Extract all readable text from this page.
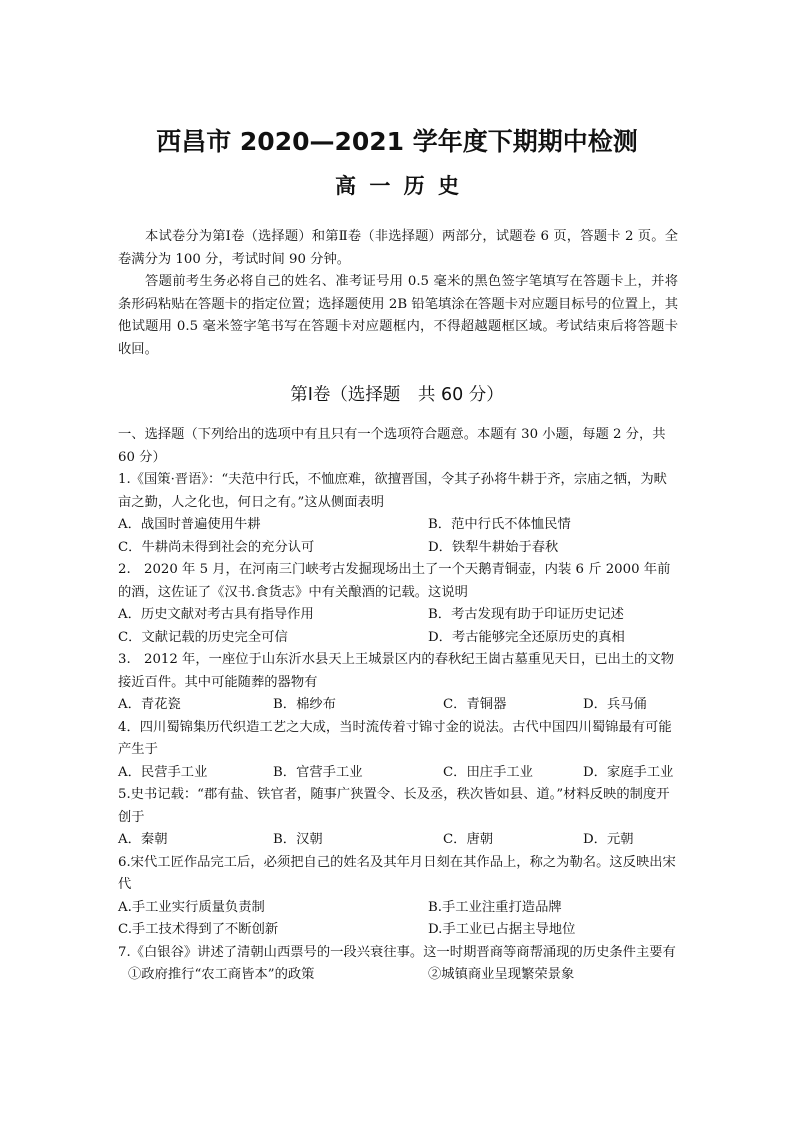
西昌市 2020—2021 学年度下期期中检测
高 一 历 史

本试卷分为第Ⅰ卷（选择题）和第Ⅱ卷（非选择题）两部分，试题卷 6 页，答题卡 2 页。全卷满分为 100 分，考试时间 90 分钟。

答题前考生务必将自己的姓名、准考证号用 0.5 毫米的黑色签字笔填写在答题卡上，并将条形码粘贴在答题卡的指定位置；选择题使用 2B 铅笔填涂在答题卡对应题目标号的位置上，其他试题用 0.5 毫米签字笔书写在答题卡对应题框内，不得超越题框区域。考试结束后将答题卡收回。

第Ⅰ卷（选择题　共 60 分）

一、选择题（下列给出的选项中有且只有一个选项符合题意。本题有 30 小题，每题 2 分，共 60 分）

1.《国策·晋语》：“夫范中行氏，不恤庶难，欲擅晋国，令其子孙将牛耕于齐，宗庙之牺，为畎亩之勤，人之化也，何日之有。”这从侧面表明

A．战国时普遍使用牛耕	B．范中行氏不体恤民情
C．牛耕尚未得到社会的充分认可	D．铁犁牛耕始于春秋

2.　2020 年 5 月，在河南三门峡考古发掘现场出土了一个天鹅青铜壶，内装 6 斤 2000 年前的酒，这佐证了《汉书.食货志》中有关酿酒的记载。这说明

A．历史文献对考古具有指导作用	B．考古发现有助于印证历史记述
C．文献记载的历史完全可信	D．考古能够完全还原历史的真相

3.　2012 年，一座位于山东沂水县天上王城景区内的春秋纪王崮古墓重见天日，已出土的文物接近百件。其中可能随葬的器物有

A．青花瓷	B．棉纱布	C．青铜器	D．兵马俑

4．四川蜀锦集历代织造工艺之大成，当时流传着寸锦寸金的说法。古代中国四川蜀锦最有可能产生于

A．民营手工业	B．官营手工业	C．田庄手工业	D．家庭手工业

5.史书记载：“郡有盐、铁官者，随事广狭置令、长及丞，秩次皆如县、道。”材料反映的制度开创于

A．秦朝	B．汉朝	C．唐朝	D．元朝

6.宋代工匠作品完工后，必须把自己的姓名及其年月日刻在其作品上，称之为勒名。这反映出宋代

A.手工业实行质量负责制	B.手工业注重打造品牌
C.手工技术得到了不断创新	D.手工业已占据主导地位

7.《白银谷》讲述了清朝山西票号的一段兴衰往事。这一时期晋商等商帮涌现的历史条件主要有

①政府推行“农工商皆本”的政策	②城镇商业呈现繁荣景象
